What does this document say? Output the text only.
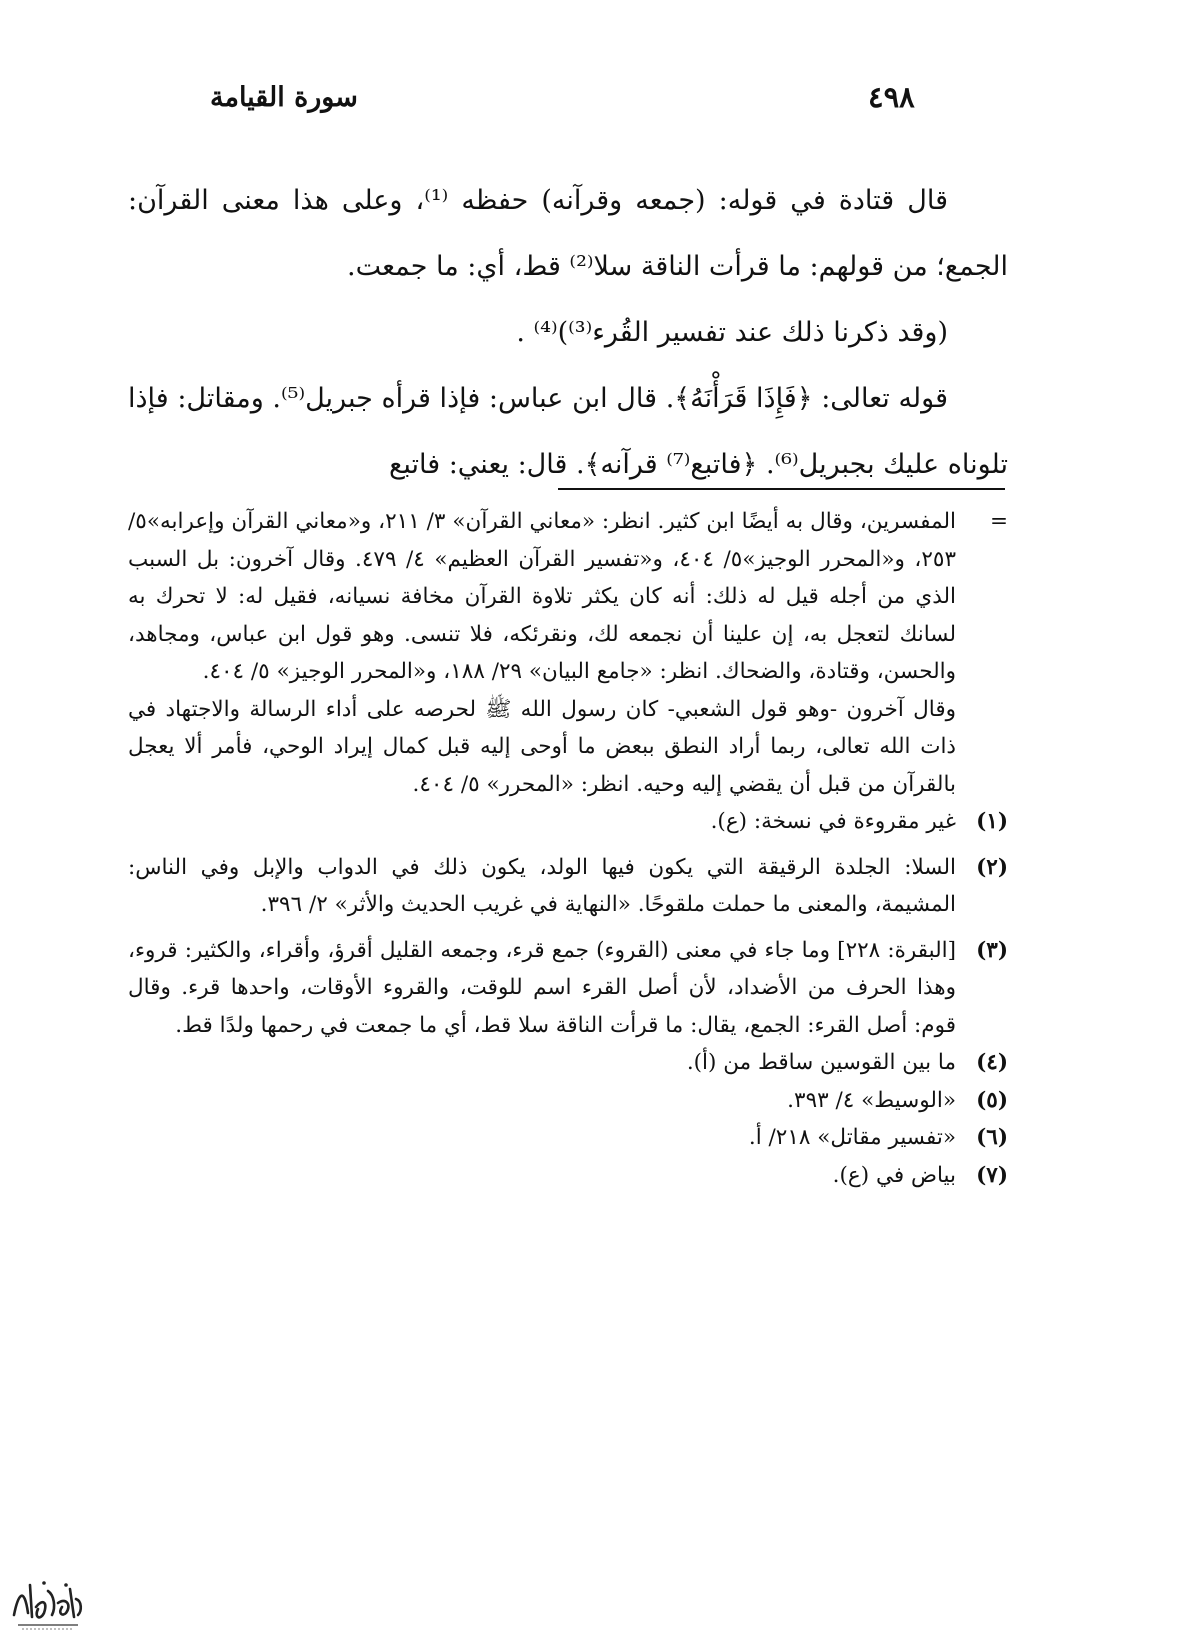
سورة القيامة	٤٩٨

قال قتادة في قوله: (جمعه وقرآنه) حفظه ⁽¹⁾، وعلى هذا معنى القرآن: الجمع؛ من قولهم: ما قرأت الناقة سلا⁽²⁾ قط، أي: ما جمعت.

(وقد ذكرنا ذلك عند تفسير القُرء⁽³⁾)⁽⁴⁾ .

قوله تعالى: ﴿فَإِذَا قَرَأْنَهُ﴾. قال ابن عباس: فإذا قرأه جبريل⁽⁵⁾. ومقاتل: فإذا تلوناه عليك بجبريل⁽⁶⁾. ﴿فاتبع⁽⁷⁾ قرآنه﴾. قال: يعني: فاتبع

=
المفسرين، وقال به أيضًا ابن كثير. انظر: «معاني القرآن» ٣/ ٢١١، و«معاني القرآن وإعرابه»٥/ ٢٥٣، و«المحرر الوجيز»٥/ ٤٠٤، و«تفسير القرآن العظيم» ٤/ ٤٧٩. وقال آخرون: بل السبب الذي من أجله قيل له ذلك: أنه كان يكثر تلاوة القرآن مخافة نسيانه، فقيل له: لا تحرك به لسانك لتعجل به، إن علينا أن نجمعه لك، ونقرئكه، فلا تنسى. وهو قول ابن عباس، ومجاهد، والحسن، وقتادة، والضحاك. انظر: «جامع البيان» ٢٩/ ١٨٨، و«المحرر الوجيز» ٥/ ٤٠٤.

وقال آخرون -وهو قول الشعبي- كان رسول الله ﷺ لحرصه على أداء الرسالة والاجتهاد في ذات الله تعالى، ربما أراد النطق ببعض ما أوحى إليه قبل كمال إيراد الوحي، فأمر ألا يعجل بالقرآن من قبل أن يقضي إليه وحيه. انظر: «المحرر» ٥/ ٤٠٤.

(١)
غير مقروءة في نسخة: (ع).
(٢)
السلا: الجلدة الرقيقة التي يكون فيها الولد، يكون ذلك في الدواب والإبل وفي الناس: المشيمة، والمعنى ما حملت ملقوحًا. «النهاية في غريب الحديث والأثر» ٢/ ٣٩٦.
(٣)
[البقرة: ٢٢٨] وما جاء في معنى (القروء) جمع قرء، وجمعه القليل أقرؤ، وأقراء، والكثير: قروء، وهذا الحرف من الأضداد، لأن أصل القرء اسم للوقت، والقروء الأوقات، واحدها قرء. وقال قوم: أصل القرء: الجمع، يقال: ما قرأت الناقة سلا قط، أي ما جمعت في رحمها ولدًا قط.
(٤)
ما بين القوسين ساقط من (أ).
(٥)
«الوسيط» ٤/ ٣٩٣.
(٦)
«تفسير مقاتل» ٢١٨/ أ.
(٧)
بياض في (ع).
